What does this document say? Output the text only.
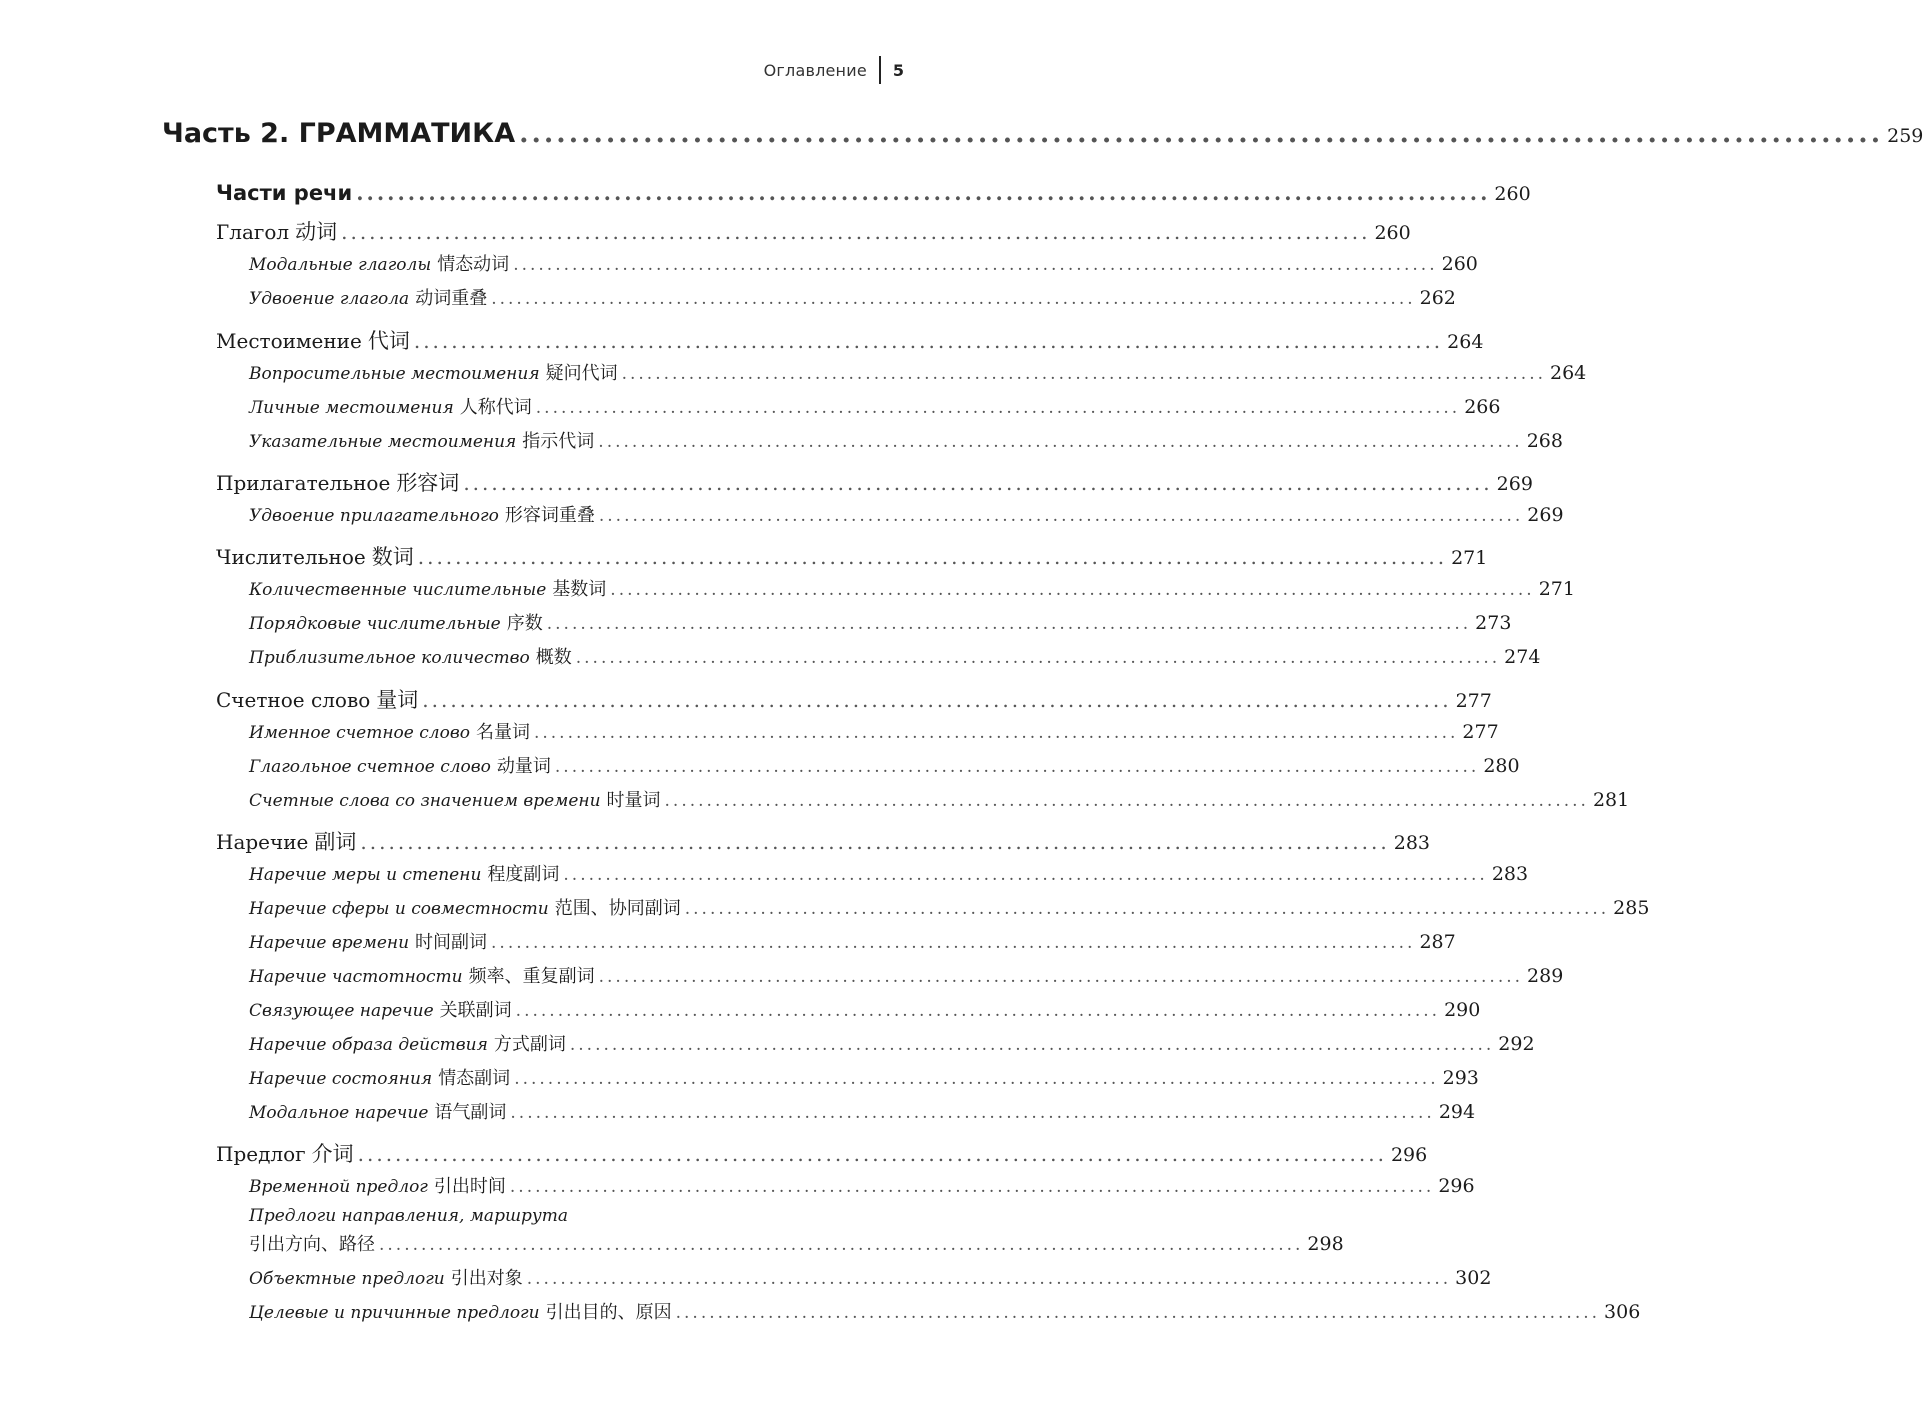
Оглавление	5
Часть 2. ГРАММАТИКА .............................................................................................................. 259
Части речи .............................................................................................................. 260
Глагол 动词 .............................................................................................................. 260
Модальные глаголы 情态动词 .............................................................................................................. 260
Удвоение глагола 动词重叠 .............................................................................................................. 262
Местоимение 代词 .............................................................................................................. 264
Вопросительные местоимения 疑问代词 .............................................................................................................. 264
Личные местоимения 人称代词 .............................................................................................................. 266
Указательные местоимения 指示代词 .............................................................................................................. 268
Прилагательное 形容词 .............................................................................................................. 269
Удвоение прилагательного 形容词重叠 .............................................................................................................. 269
Числительное 数词 .............................................................................................................. 271
Количественные числительные 基数词 .............................................................................................................. 271
Порядковые числительные 序数 .............................................................................................................. 273
Приблизительное количество 概数 .............................................................................................................. 274
Счетное слово 量词 .............................................................................................................. 277
Именное счетное слово 名量词 .............................................................................................................. 277
Глагольное счетное слово 动量词 .............................................................................................................. 280
Счетные слова со значением времени 时量词 .............................................................................................................. 281
Наречие 副词 .............................................................................................................. 283
Наречие меры и степени 程度副词 .............................................................................................................. 283
Наречие сферы и совместности 范围、协同副词 .............................................................................................................. 285
Наречие времени 时间副词 .............................................................................................................. 287
Наречие частотности 频率、重复副词 .............................................................................................................. 289
Связующее наречие 关联副词 .............................................................................................................. 290
Наречие образа действия 方式副词 .............................................................................................................. 292
Наречие состояния 情态副词 .............................................................................................................. 293
Модальное наречие 语气副词 .............................................................................................................. 294
Предлог 介词 .............................................................................................................. 296
Временной предлог 引出时间 .............................................................................................................. 296
Предлоги направления, маршрута
引出方向、路径 .............................................................................................................. 298
Объектные предлоги 引出对象 .............................................................................................................. 302
Целевые и причинные предлоги 引出目的、原因 .............................................................................................................. 306
